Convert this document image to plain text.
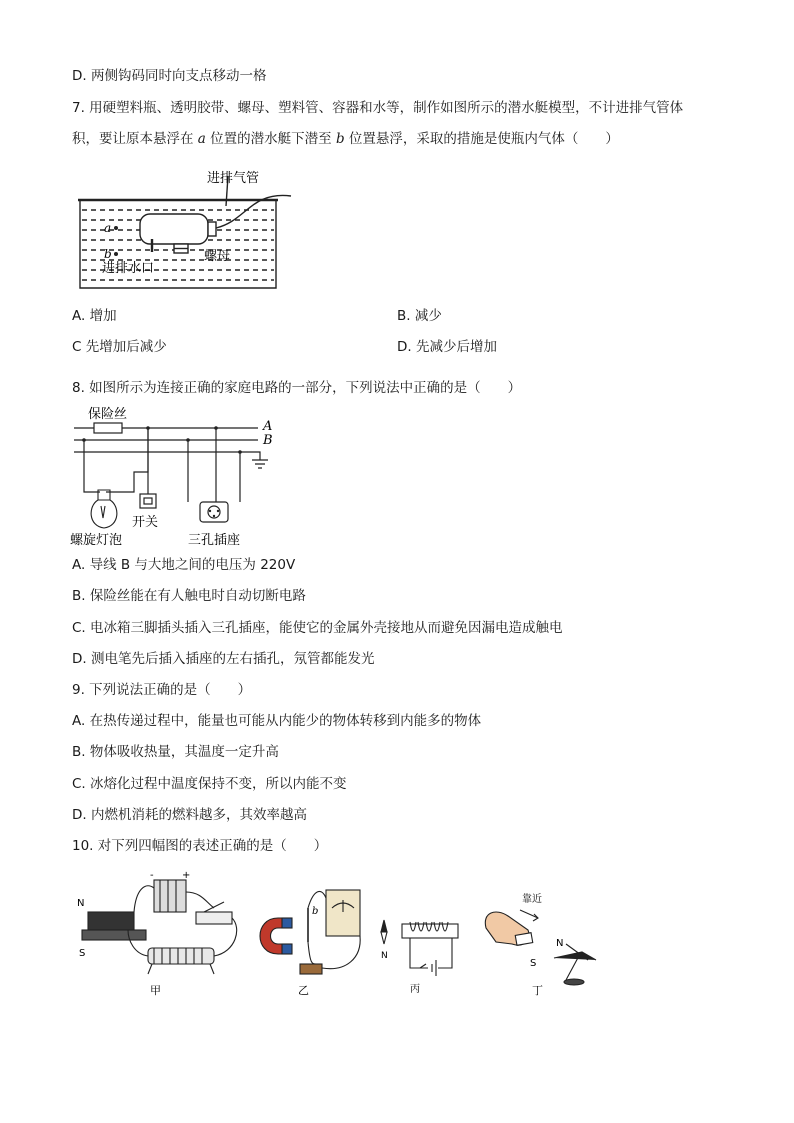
D. 两侧钩码同时向支点移动一格
7. 用硬塑料瓶、透明胶带、螺母、塑料管、容器和水等，制作如图所示的潜水艇模型，不计进排气管体
积，要让原本悬浮在 a 位置的潜水艇下潜至 b 位置悬浮，采取的措施是使瓶内气体（　　）
进排气管
a
b
进排水口
螺母
A. 增加	B. 减少
C 先增加后减少	D. 先减少后增加
8. 如图所示为连接正确的家庭电路的一部分，下列说法中正确的是（　　）
保险丝
A
B
开关
螺旋灯泡	三孔插座
A. 导线 B 与大地之间的电压为 220V
B. 保险丝能在有人触电时自动切断电路
C. 电冰箱三脚插头插入三孔插座，能使它的金属外壳接地从而避免因漏电造成触电
D. 测电笔先后插入插座的左右插孔，氖管都能发光
9. 下列说法正确的是（　　）
A. 在热传递过程中，能量也可能从内能少的物体转移到内能多的物体
B. 物体吸收热量，其温度一定升高
C. 冰熔化过程中温度保持不变，所以内能不变
D. 内燃机消耗的燃料越多，其效率越高
10. 对下列四幅图的表述正确的是（　　）
N
S
-	+
甲
b
乙
N
丙
靠近
S
N
丁
